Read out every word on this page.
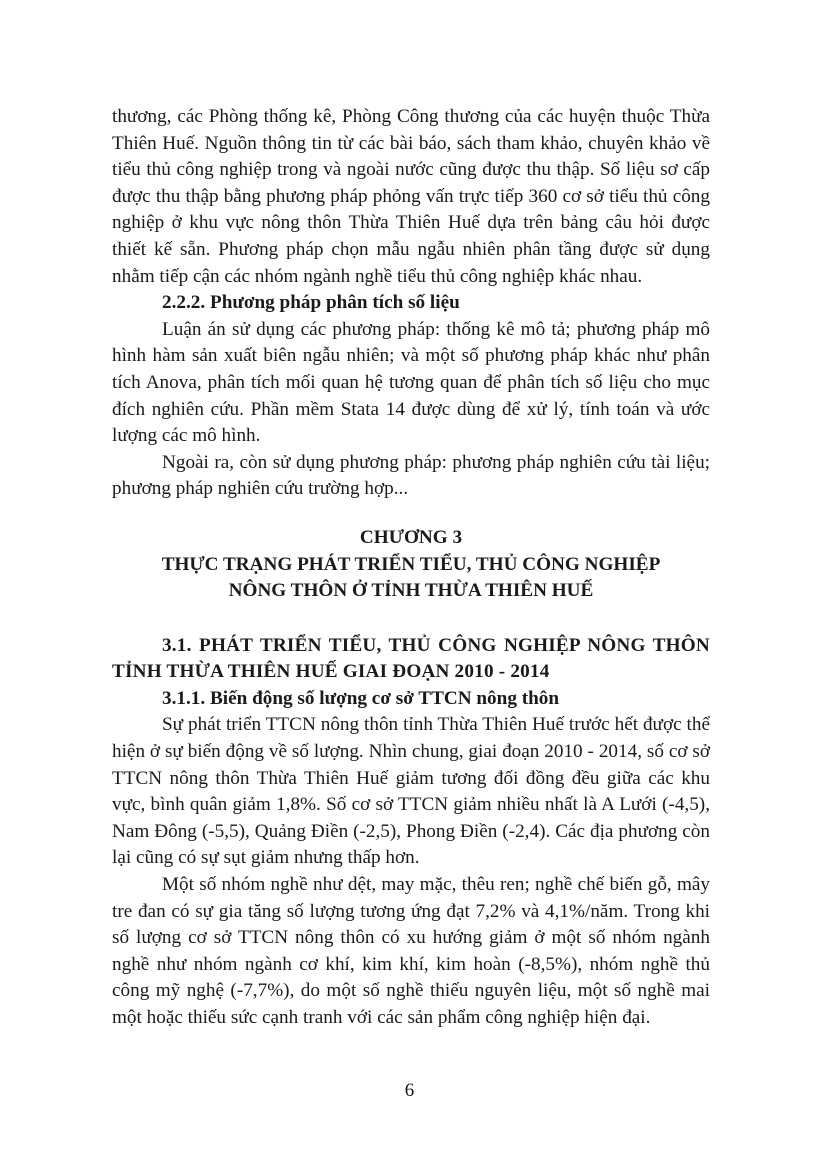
thương, các Phòng thống kê, Phòng Công thương của các huyện thuộc Thừa Thiên Huế. Nguồn thông tin từ các bài báo, sách tham khảo, chuyên khảo về tiểu thủ công nghiệp trong và ngoài nước cũng được thu thập. Số liệu sơ cấp được thu thập bằng phương pháp phỏng vấn trực tiếp 360 cơ sở tiểu thủ công nghiệp ở khu vực nông thôn Thừa Thiên Huế dựa trên bảng câu hỏi được thiết kế sẵn. Phương pháp chọn mẫu ngẫu nhiên phân tầng được sử dụng nhằm tiếp cận các nhóm ngành nghề tiểu thủ công nghiệp khác nhau.

2.2.2. Phương pháp phân tích số liệu

Luận án sử dụng các phương pháp: thống kê mô tả; phương pháp mô hình hàm sản xuất biên ngẫu nhiên; và một số phương pháp khác như phân tích Anova, phân tích mối quan hệ tương quan để phân tích số liệu cho mục đích nghiên cứu. Phần mềm Stata 14 được dùng để xử lý, tính toán và ước lượng các mô hình.

Ngoài ra, còn sử dụng phương pháp: phương pháp nghiên cứu tài liệu; phương pháp nghiên cứu trường hợp...

CHƯƠNG 3

THỰC TRẠNG PHÁT TRIỂN TIỂU, THỦ CÔNG NGHIỆP

NÔNG THÔN Ở TỈNH THỪA THIÊN HUẾ

3.1. PHÁT TRIỂN TIỂU, THỦ CÔNG NGHIỆP NÔNG THÔN TỈNH THỪA THIÊN HUẾ GIAI ĐOẠN 2010 - 2014

3.1.1. Biến động số lượng cơ sở TTCN nông thôn

Sự phát triển TTCN nông thôn tỉnh Thừa Thiên Huế trước hết được thể hiện ở sự biến động về số lượng. Nhìn chung, giai đoạn 2010 - 2014, số cơ sở TTCN nông thôn Thừa Thiên Huế giảm tương đối đồng đều giữa các khu vực, bình quân giảm 1,8%. Số cơ sở TTCN giảm nhiều nhất là A Lưới (-4,5), Nam Đông (-5,5), Quảng Điền (-2,5), Phong Điền (-2,4). Các địa phương còn lại cũng có sự sụt giảm nhưng thấp hơn.

Một số nhóm nghề như dệt, may mặc, thêu ren; nghề chế biến gỗ, mây tre đan có sự gia tăng số lượng tương ứng đạt 7,2% và 4,1%/năm. Trong khi số lượng cơ sở TTCN nông thôn có xu hướng giảm ở một số nhóm ngành nghề như nhóm ngành cơ khí, kim khí, kim hoàn (-8,5%), nhóm nghề thủ công mỹ nghệ (-7,7%), do một số nghề thiếu nguyên liệu, một số nghề mai một hoặc thiếu sức cạnh tranh với các sản phẩm công nghiệp hiện đại.

6
